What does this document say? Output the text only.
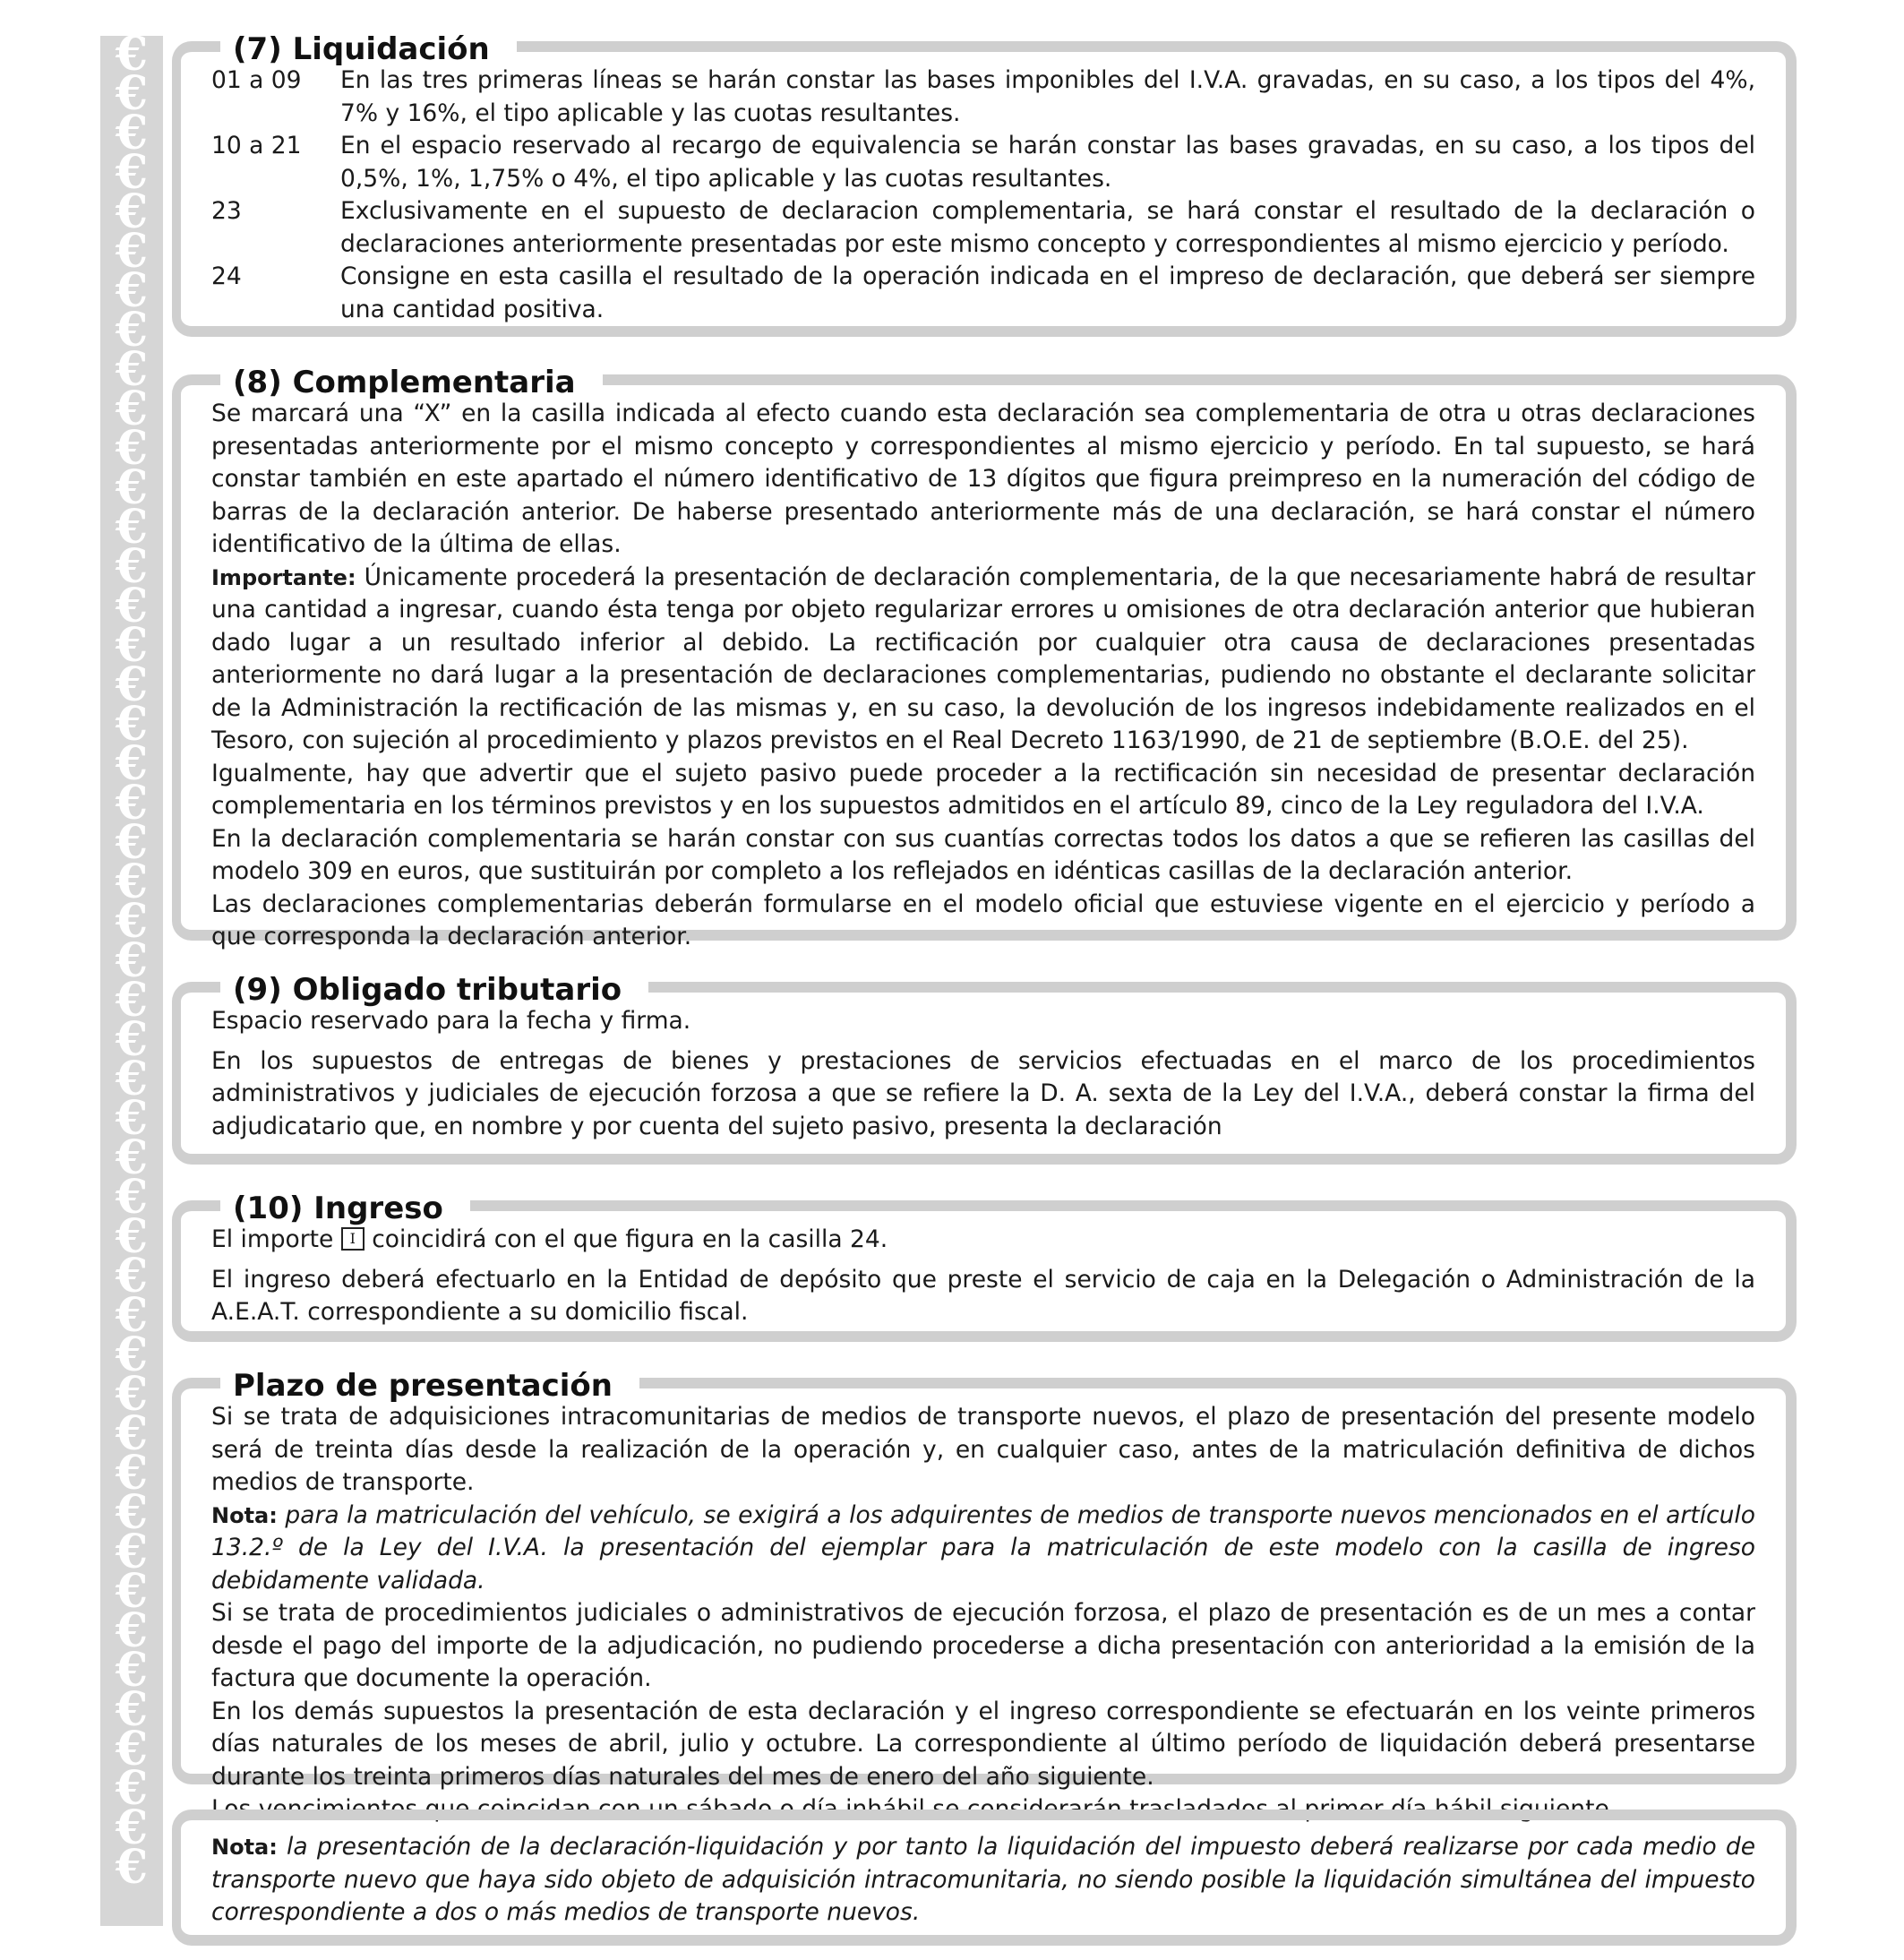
€
€
€
€
€
€
€
€
€
€
€
€
€
€
€
€
€
€
€
€
€
€
€
€
€
€
€
€
€
€
€
€
€
€
€
€
€
€
€
€
€
€
€
€
€
€
€
(7) Liquidación
01 a 09	En las tres primeras líneas se harán constar las bases imponibles del I.V.A. gravadas, en su caso, a los tipos del 4%, 7% y 16%, el tipo aplicable y las cuotas resultantes.
10 a 21	En el espacio reservado al recargo de equivalencia se harán constar las bases gravadas, en su caso, a los tipos del 0,5%, 1%, 1,75% o 4%, el tipo aplicable y las cuotas resultantes.
23	Exclusivamente en el supuesto de declaracion complementaria, se hará constar el resultado de la declaración o declaraciones anteriormente presentadas por este mismo concepto y correspondientes al mismo ejercicio y período.
24	Consigne en esta casilla el resultado de la operación indicada en el impreso de declaración, que deberá ser siempre una cantidad positiva.
(8) Complementaria

Se marcará una “X” en la casilla indicada al efecto cuando esta declaración sea complementaria de otra u otras declaraciones presentadas anteriormente por el mismo concepto y correspondientes al mismo ejercicio y período. En tal supuesto, se hará constar también en este apartado el número identificativo de 13 dígitos que figura preimpreso en la numeración del código de barras de la declaración anterior. De haberse presentado anteriormente más de una declaración, se hará constar el número identificativo de la última de ellas.

Importante: Únicamente procederá la presentación de declaración complementaria, de la que necesariamente habrá de resultar una cantidad a ingresar, cuando ésta tenga por objeto regularizar errores u omisiones de otra declaración anterior que hubieran dado lugar a un resultado inferior al debido. La rectificación por cualquier otra causa de declaraciones presentadas anteriormente no dará lugar a la presentación de declaraciones complementarias, pudiendo no obstante el declarante solicitar de la Administración la rectificación de las mismas y, en su caso, la devolución de los ingresos indebidamente realizados en el Tesoro, con sujeción al procedimiento y plazos previstos en el Real Decreto 1163/1990, de 21 de septiembre (B.O.E. del 25).

Igualmente, hay que advertir que el sujeto pasivo puede proceder a la rectificación sin necesidad de presentar declaración complementaria en los términos previstos y en los supuestos admitidos en el artículo 89, cinco de la Ley reguladora del I.V.A.

En la declaración complementaria se harán constar con sus cuantías correctas todos los datos a que se refieren las casillas del modelo 309 en euros, que sustituirán por completo a los reflejados en idénticas casillas de la declaración anterior.

Las declaraciones complementarias deberán formularse en el modelo oficial que estuviese vigente en el ejercicio y período a que corresponda la declaración anterior.

(9) Obligado tributario

Espacio reservado para la fecha y firma.

En los supuestos de entregas de bienes y prestaciones de servicios efectuadas en el marco de los procedimientos administrativos y judiciales de ejecución forzosa a que se refiere la D. A. sexta de la Ley del I.V.A., deberá constar la firma del adjudicatario que, en nombre y por cuenta del sujeto pasivo, presenta la declaración

(10) Ingreso

El importe I coincidirá con el que figura en la casilla 24.

El ingreso deberá efectuarlo en la Entidad de depósito que preste el servicio de caja en la Delegación o Administración de la A.E.A.T. correspondiente a su domicilio fiscal.

Plazo de presentación

Si se trata de adquisiciones intracomunitarias de medios de transporte nuevos, el plazo de presentación del presente modelo será de treinta días desde la realización de la operación y, en cualquier caso, antes de la matriculación definitiva de dichos medios de transporte.

Nota: para la matriculación del vehículo, se exigirá a los adquirentes de medios de transporte nuevos mencionados en el artículo 13.2.º de la Ley del I.V.A. la presentación del ejemplar para la matriculación de este modelo con la casilla de ingreso debidamente validada.

Si se trata de procedimientos judiciales o administrativos de ejecución forzosa, el plazo de presentación es de un mes a contar desde el pago del importe de la adjudicación, no pudiendo procederse a dicha presentación con anterioridad a la emisión de la factura que documente la operación.

En los demás supuestos la presentación de esta declaración y el ingreso correspondiente se efectuarán en los veinte primeros días naturales de los meses de abril, julio y octubre. La correspondiente al último período de liquidación deberá presentarse durante los treinta primeros días naturales del mes de enero del año siguiente.

Los vencimientos que coincidan con un sábado o día inhábil se considerarán trasladados al primer día hábil siguiente.

Nota: la presentación de la declaración-liquidación y por tanto la liquidación del impuesto deberá realizarse por cada medio de transporte nuevo que haya sido objeto de adquisición intracomunitaria, no siendo posible la liquidación simultánea del impuesto correspondiente a dos o más medios de transporte nuevos.
